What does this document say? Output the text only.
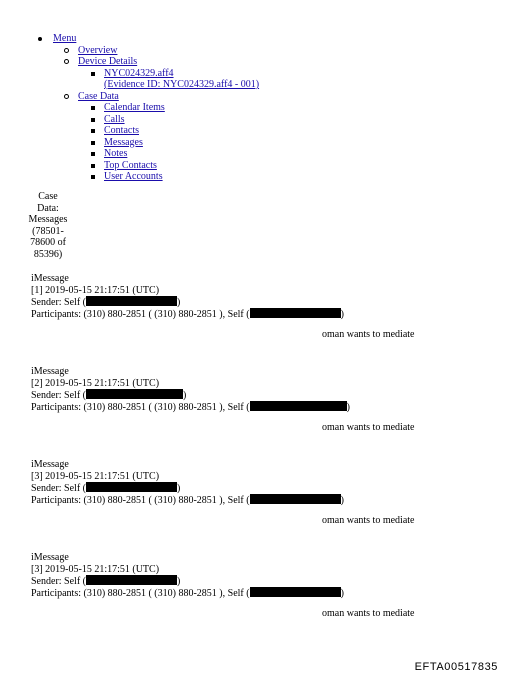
Menu
Overview
Device Details
NYC024329.aff4
(Evidence ID: NYC024329.aff4 - 001)
Case Data
Calendar Items
Calls
Contacts
Messages
Notes
Top Contacts
User Accounts
Case
Data:
Messages
(78501-
78600 of
85396)
iMessage
[1] 2019-05-15 21:17:51 (UTC)
Sender: Self (	)
Participants: (310) 880-2851 ( (310) 880-2851 ), Self (	)
oman wants to mediate
iMessage
[2] 2019-05-15 21:17:51 (UTC)
Sender: Self (	)
Participants: (310) 880-2851 ( (310) 880-2851 ), Self (	)
oman wants to mediate
iMessage
[3] 2019-05-15 21:17:51 (UTC)
Sender: Self (	)
Participants: (310) 880-2851 ( (310) 880-2851 ), Self (	)
oman wants to mediate
iMessage
[3] 2019-05-15 21:17:51 (UTC)
Sender: Self (	)
Participants: (310) 880-2851 ( (310) 880-2851 ), Self (	)
oman wants to mediate
EFTA00517835
